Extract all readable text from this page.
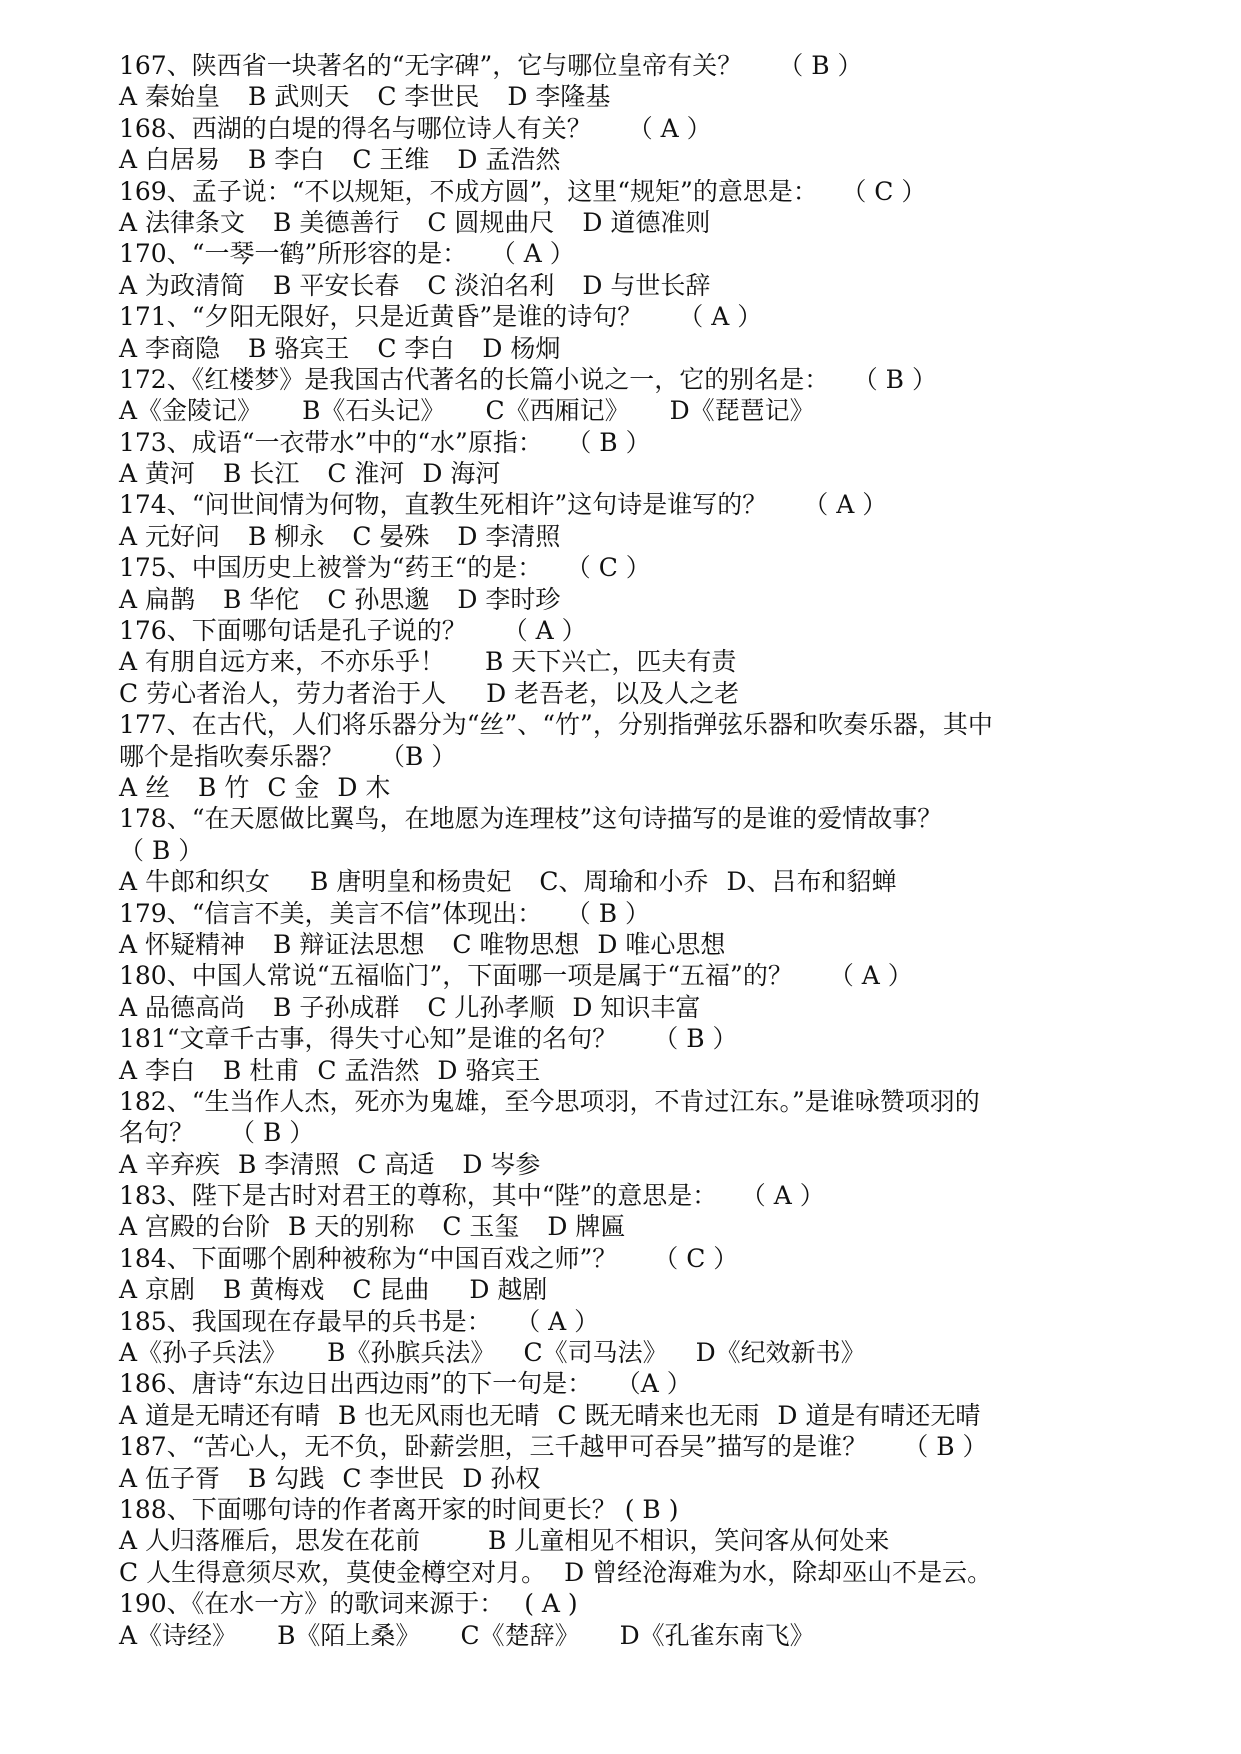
167、陕西省一块著名的“无字碑”，它与哪位皇帝有关？ （ B ）
A 秦始皇 B 武则天 C 李世民 D 李隆基
168、西湖的白堤的得名与哪位诗人有关？ （ A ）
A 白居易 B 李白 C 王维 D 孟浩然
169、孟子说：“不以规矩，不成方圆”，这里“规矩”的意思是： （ C ）
A 法律条文 B 美德善行 C 圆规曲尺 D 道德准则
170、“一琴一鹤”所形容的是： （ A ）
A 为政清简 B 平安长春 C 淡泊名利 D 与世长辞
171、“夕阳无限好，只是近黄昏”是谁的诗句？ （ A ）
A 李商隐 B 骆宾王 C 李白 D 杨炯
172、《红楼梦》是我国古代著名的长篇小说之一，它的别名是： （ B ）
A《金陵记》 B《石头记》 C《西厢记》 D《琵琶记》
173、成语“一衣带水”中的“水”原指： （ B ）
A 黄河 B 长江 C 淮河 D 海河
174、“问世间情为何物，直教生死相许”这句诗是谁写的？ （ A ）
A 元好问 B 柳永 C 晏殊 D 李清照
175、中国历史上被誉为“药王“的是： （ C ）
A 扁鹊 B 华佗 C 孙思邈 D 李时珍
176、下面哪句话是孔子说的？ （ A ）
A 有朋自远方来，不亦乐乎！ B 天下兴亡，匹夫有责
C 劳心者治人，劳力者治于人 D 老吾老，以及人之老
177、在古代，人们将乐器分为“丝”、“竹”，分别指弹弦乐器和吹奏乐器，其中
哪个是指吹奏乐器？ （B ）
A 丝 B 竹 C 金 D 木
178、“在天愿做比翼鸟，在地愿为连理枝”这句诗描写的是谁的爱情故事？
（ B ）
A 牛郎和织女 B 唐明皇和杨贵妃 C、周瑜和小乔 D、吕布和貂蝉
179、“信言不美，美言不信”体现出： （ B ）
A 怀疑精神 B 辩证法思想 C 唯物思想 D 唯心思想
180、中国人常说“五福临门”，下面哪一项是属于“五福”的？ （ A ）
A 品德高尚 B 子孙成群 C 儿孙孝顺 D 知识丰富
181“文章千古事，得失寸心知”是谁的名句？ （ B ）
A 李白 B 杜甫 C 孟浩然 D 骆宾王
182、“生当作人杰，死亦为鬼雄，至今思项羽，不肯过江东。”是谁咏赞项羽的
名句？ （ B ）
A 辛弃疾 B 李清照 C 高适 D 岑参
183、陛下是古时对君王的尊称，其中“陛”的意思是： （ A ）
A 宫殿的台阶 B 天的别称 C 玉玺 D 牌匾
184、下面哪个剧种被称为“中国百戏之师”？ （ C ）
A 京剧 B 黄梅戏 C 昆曲 D 越剧
185、我国现在存最早的兵书是： （ A ）
A《孙子兵法》 B《孙膑兵法》 C《司马法》 D《纪效新书》
186、唐诗“东边日出西边雨”的下一句是： （A ）
A 道是无晴还有晴 B 也无风雨也无晴 C 既无晴来也无雨 D 道是有晴还无晴
187、“苦心人，无不负，卧薪尝胆，三千越甲可吞吴”描写的是谁？ （ B ）
A 伍子胥 B 勾践 C 李世民 D 孙权
188、下面哪句诗的作者离开家的时间更长？ ( B )
A 人归落雁后，思发在花前	B 儿童相见不相识，笑问客从何处来
C 人生得意须尽欢，莫使金樽空对月。 D 曾经沧海难为水，除却巫山不是云。
190、《在水一方》的歌词来源于： ( A )
A《诗经》 B《陌上桑》 C《楚辞》 D《孔雀东南飞》
